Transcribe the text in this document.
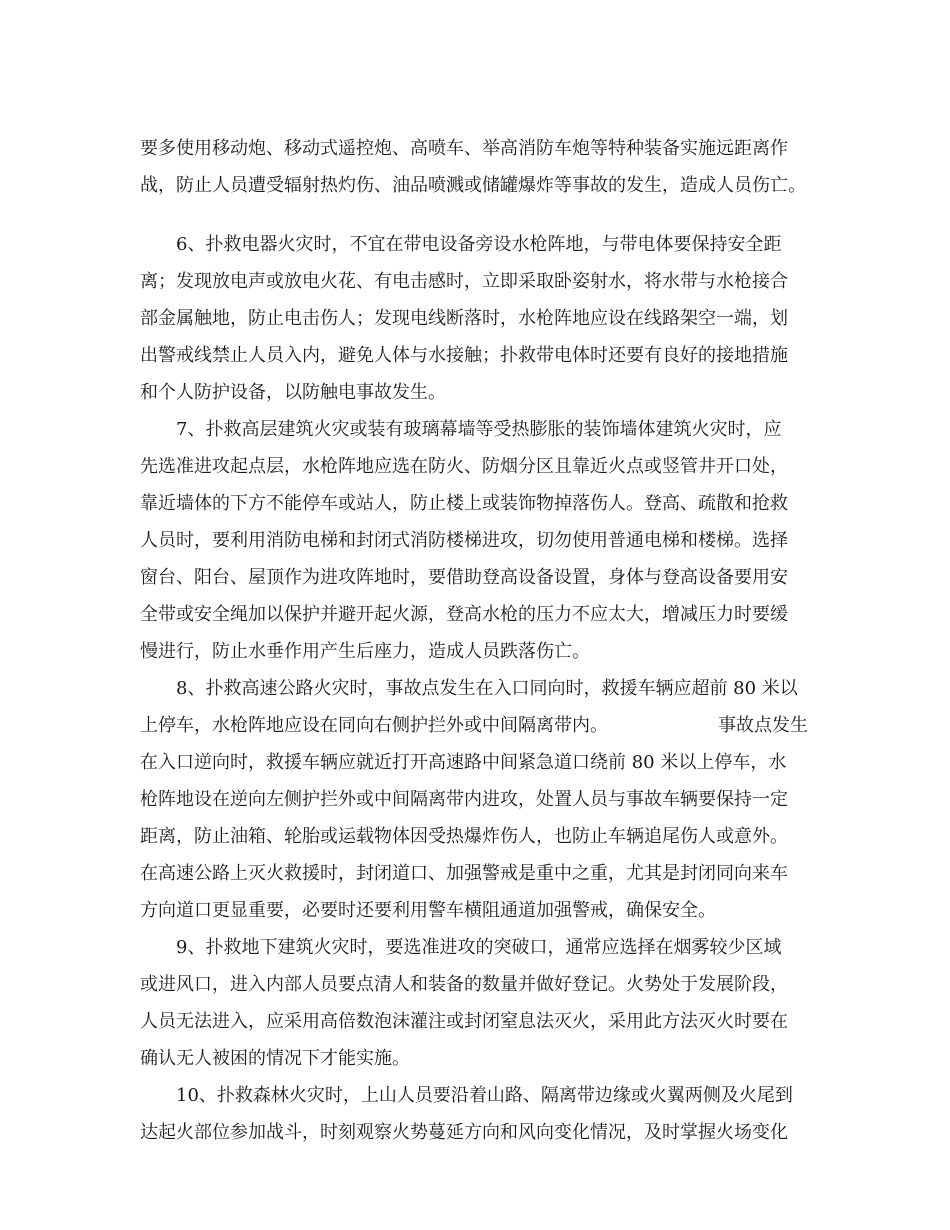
要多使用移动炮、移动式遥控炮、高喷车、举高消防车炮等特种装备实施远距离作
战，防止人员遭受辐射热灼伤、油品喷溅或储罐爆炸等事故的发生，造成人员伤亡。
6、扑救电器火灾时，不宜在带电设备旁设水枪阵地，与带电体要保持安全距
离；发现放电声或放电火花、有电击感时，立即采取卧姿射水，将水带与水枪接合
部金属触地，防止电击伤人；发现电线断落时，水枪阵地应设在线路架空一端，划
出警戒线禁止人员入内，避免人体与水接触；扑救带电体时还要有良好的接地措施
和个人防护设备，以防触电事故发生。
7、扑救高层建筑火灾或装有玻璃幕墙等受热膨胀的装饰墙体建筑火灾时，应
先选准进攻起点层，水枪阵地应选在防火、防烟分区且靠近火点或竖管井开口处，
靠近墙体的下方不能停车或站人，防止楼上或装饰物掉落伤人。登高、疏散和抢救
人员时，要利用消防电梯和封闭式消防楼梯进攻，切勿使用普通电梯和楼梯。选择
窗台、阳台、屋顶作为进攻阵地时，要借助登高设备设置，身体与登高设备要用安
全带或安全绳加以保护并避开起火源，登高水枪的压力不应太大，增减压力时要缓
慢进行，防止水垂作用产生后座力，造成人员跌落伤亡。
8、扑救高速公路火灾时，事故点发生在入口同向时，救援车辆应超前 80 米以
上停车，水枪阵地应设在同向右侧护拦外或中间隔离带内。	事故点发生
在入口逆向时，救援车辆应就近打开高速路中间紧急道口绕前 80 米以上停车，水
枪阵地设在逆向左侧护拦外或中间隔离带内进攻，处置人员与事故车辆要保持一定
距离，防止油箱、轮胎或运载物体因受热爆炸伤人，也防止车辆追尾伤人或意外。
在高速公路上灭火救援时，封闭道口、加强警戒是重中之重，尤其是封闭同向来车
方向道口更显重要，必要时还要利用警车横阻通道加强警戒，确保安全。
9、扑救地下建筑火灾时，要选准进攻的突破口，通常应选择在烟雾较少区域
或进风口，进入内部人员要点清人和装备的数量并做好登记。火势处于发展阶段，
人员无法进入，应采用高倍数泡沫灌注或封闭窒息法灭火，采用此方法灭火时要在
确认无人被困的情况下才能实施。
10、扑救森林火灾时，上山人员要沿着山路、隔离带边缘或火翼两侧及火尾到
达起火部位参加战斗，时刻观察火势蔓延方向和风向变化情况，及时掌握火场变化
